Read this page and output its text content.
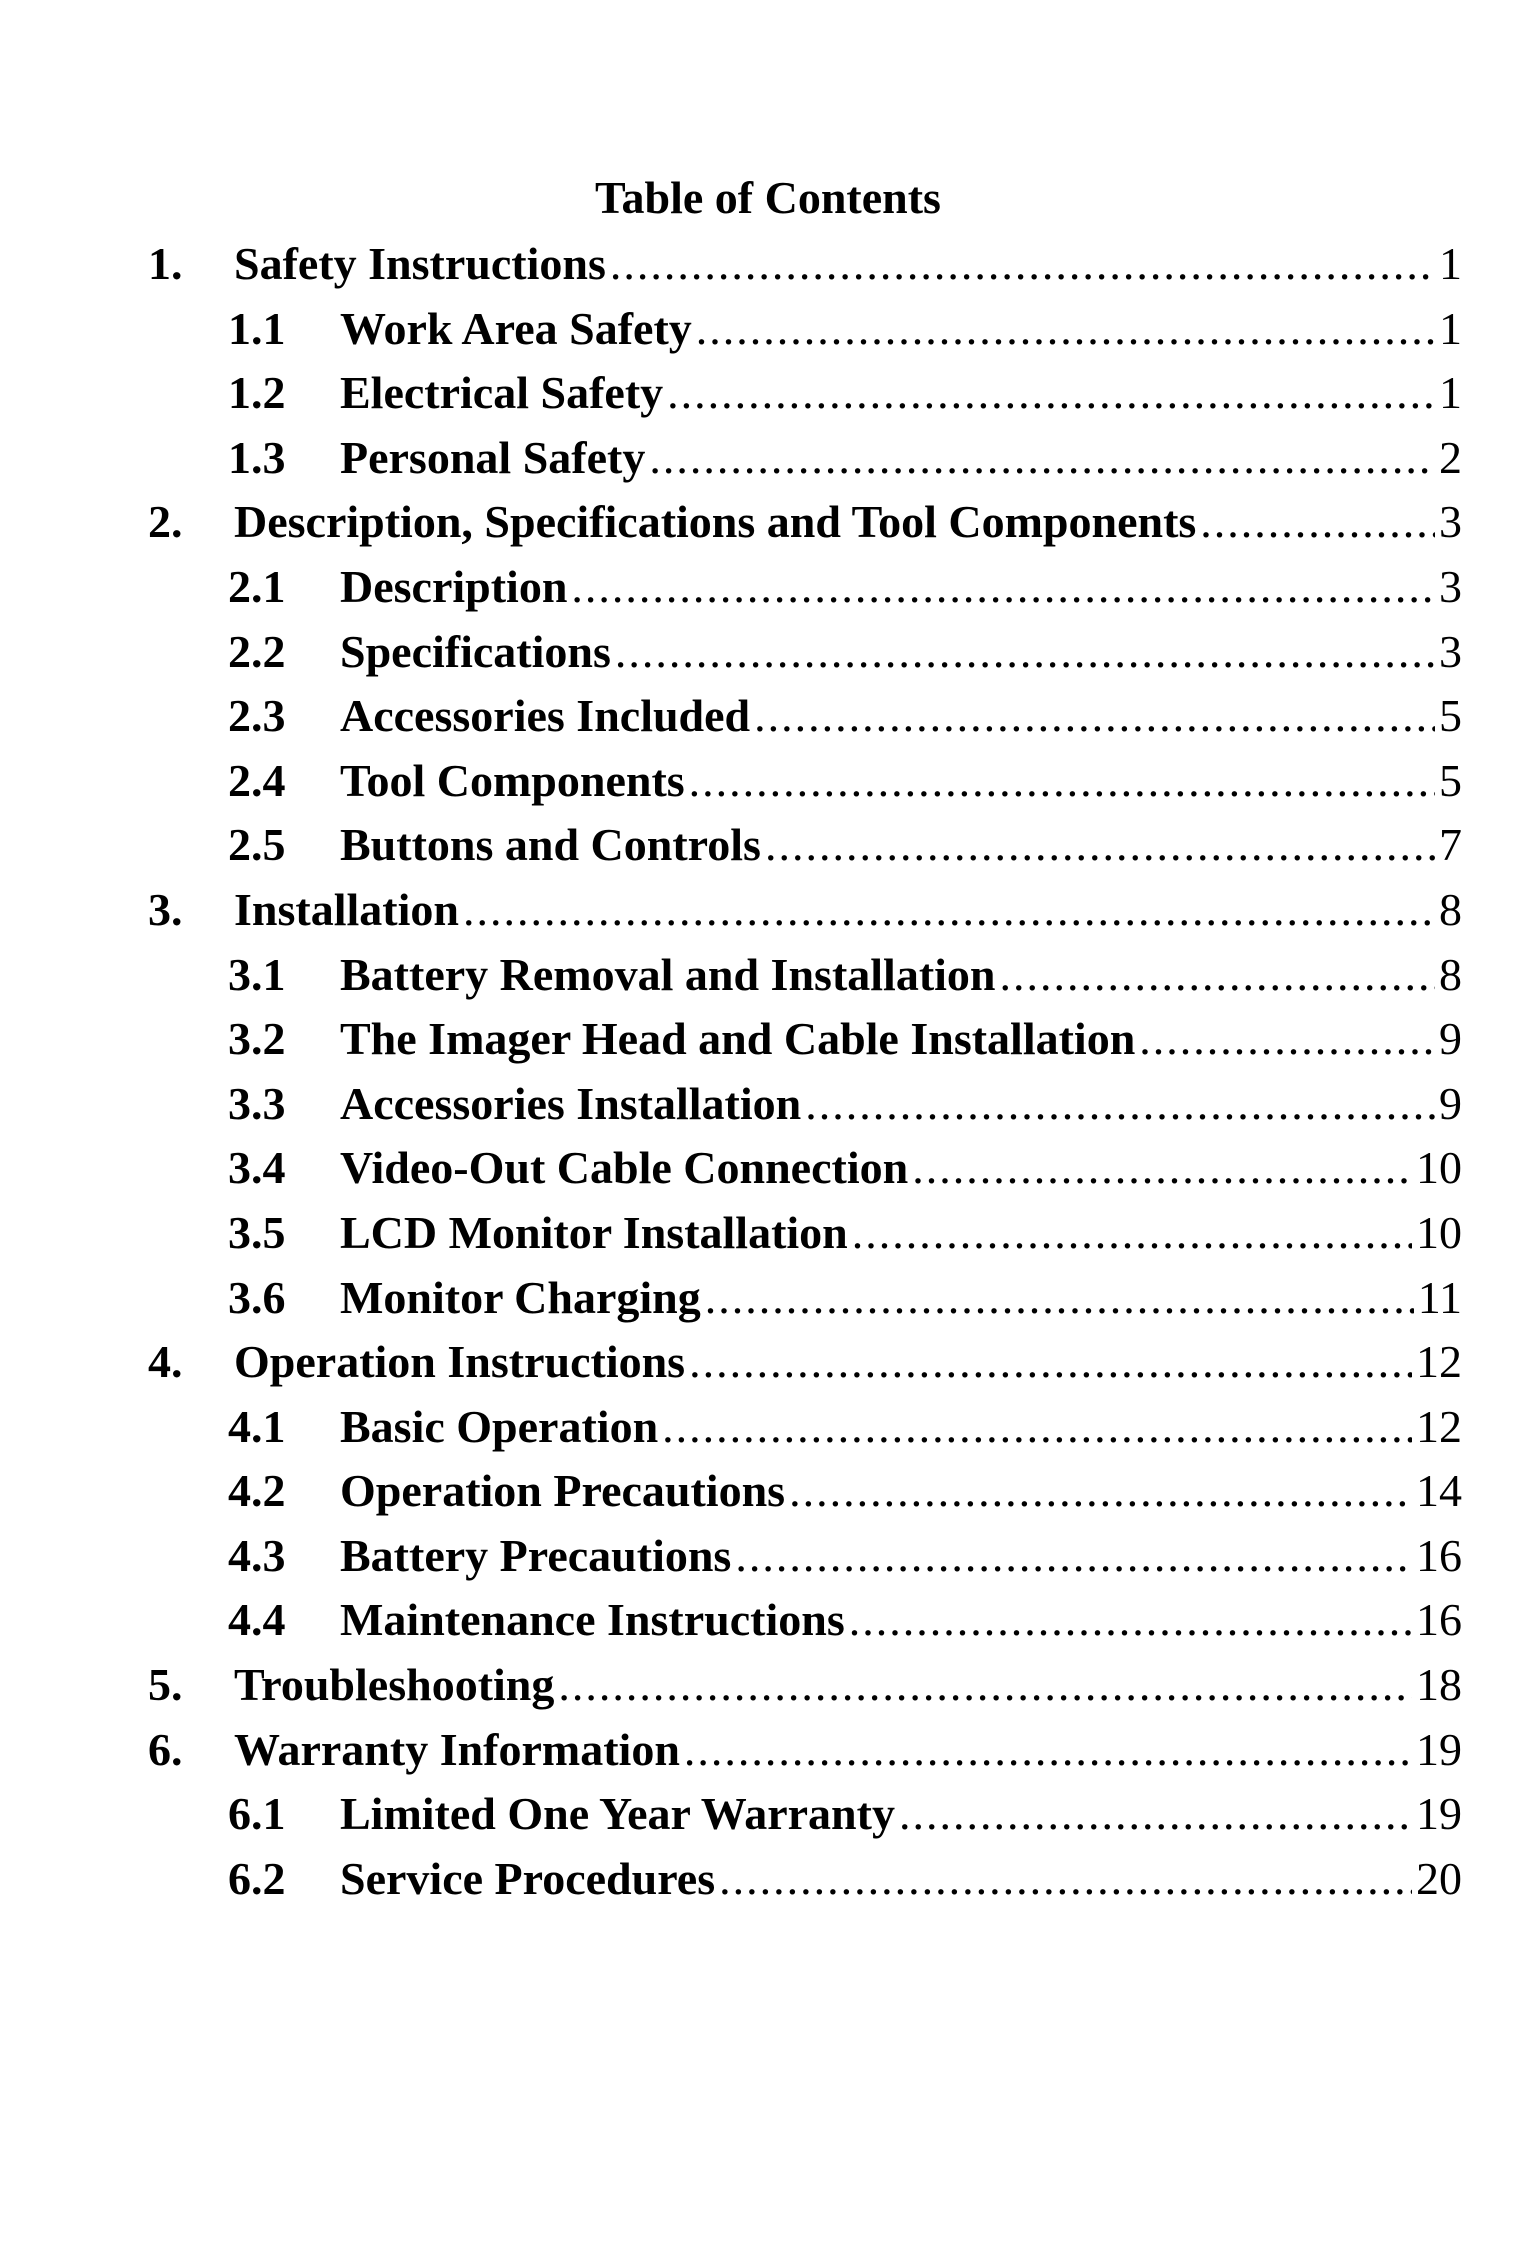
Table of Contents
1. Safety Instructions .....	1
1.1 Work Area Safety .....	1
1.2 Electrical Safety .....	1
1.3 Personal Safety .....	2
2. Description, Specifications and Tool Components .....	3
2.1 Description .....	3
2.2 Specifications .....	3
2.3 Accessories Included .....	5
2.4 Tool Components .....	5
2.5 Buttons and Controls .....	7
3. Installation .....	8
3.1 Battery Removal and Installation .....	8
3.2 The Imager Head and Cable Installation .....	9
3.3 Accessories Installation .....	9
3.4 Video-Out Cable Connection .....	10
3.5 LCD Monitor Installation .....	10
3.6 Monitor Charging .....	11
4. Operation Instructions .....	12
4.1 Basic Operation .....	12
4.2 Operation Precautions .....	14
4.3 Battery Precautions .....	16
4.4 Maintenance Instructions .....	16
5. Troubleshooting .....	18
6. Warranty Information .....	19
6.1 Limited One Year Warranty .....	19
6.2 Service Procedures .....	20
